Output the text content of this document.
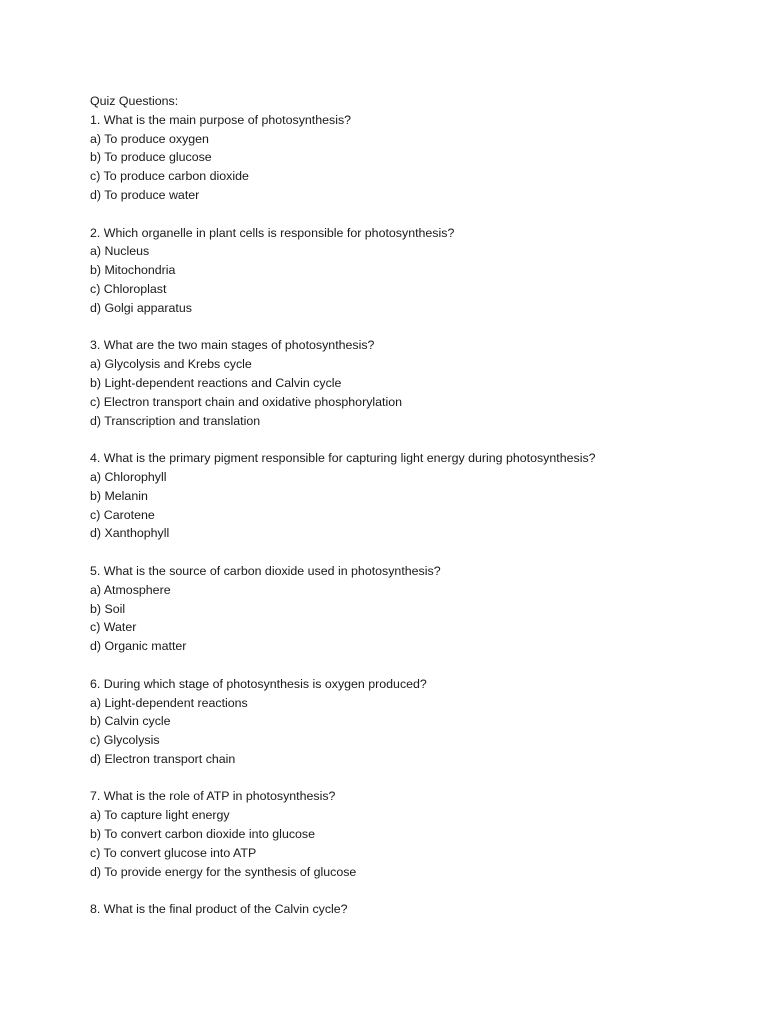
Quiz Questions:
1. What is the main purpose of photosynthesis?
a) To produce oxygen
b) To produce glucose
c) To produce carbon dioxide
d) To produce water
2. Which organelle in plant cells is responsible for photosynthesis?
a) Nucleus
b) Mitochondria
c) Chloroplast
d) Golgi apparatus
3. What are the two main stages of photosynthesis?
a) Glycolysis and Krebs cycle
b) Light-dependent reactions and Calvin cycle
c) Electron transport chain and oxidative phosphorylation
d) Transcription and translation
4. What is the primary pigment responsible for capturing light energy during photosynthesis?
a) Chlorophyll
b) Melanin
c) Carotene
d) Xanthophyll
5. What is the source of carbon dioxide used in photosynthesis?
a) Atmosphere
b) Soil
c) Water
d) Organic matter
6. During which stage of photosynthesis is oxygen produced?
a) Light-dependent reactions
b) Calvin cycle
c) Glycolysis
d) Electron transport chain
7. What is the role of ATP in photosynthesis?
a) To capture light energy
b) To convert carbon dioxide into glucose
c) To convert glucose into ATP
d) To provide energy for the synthesis of glucose
8. What is the final product of the Calvin cycle?
